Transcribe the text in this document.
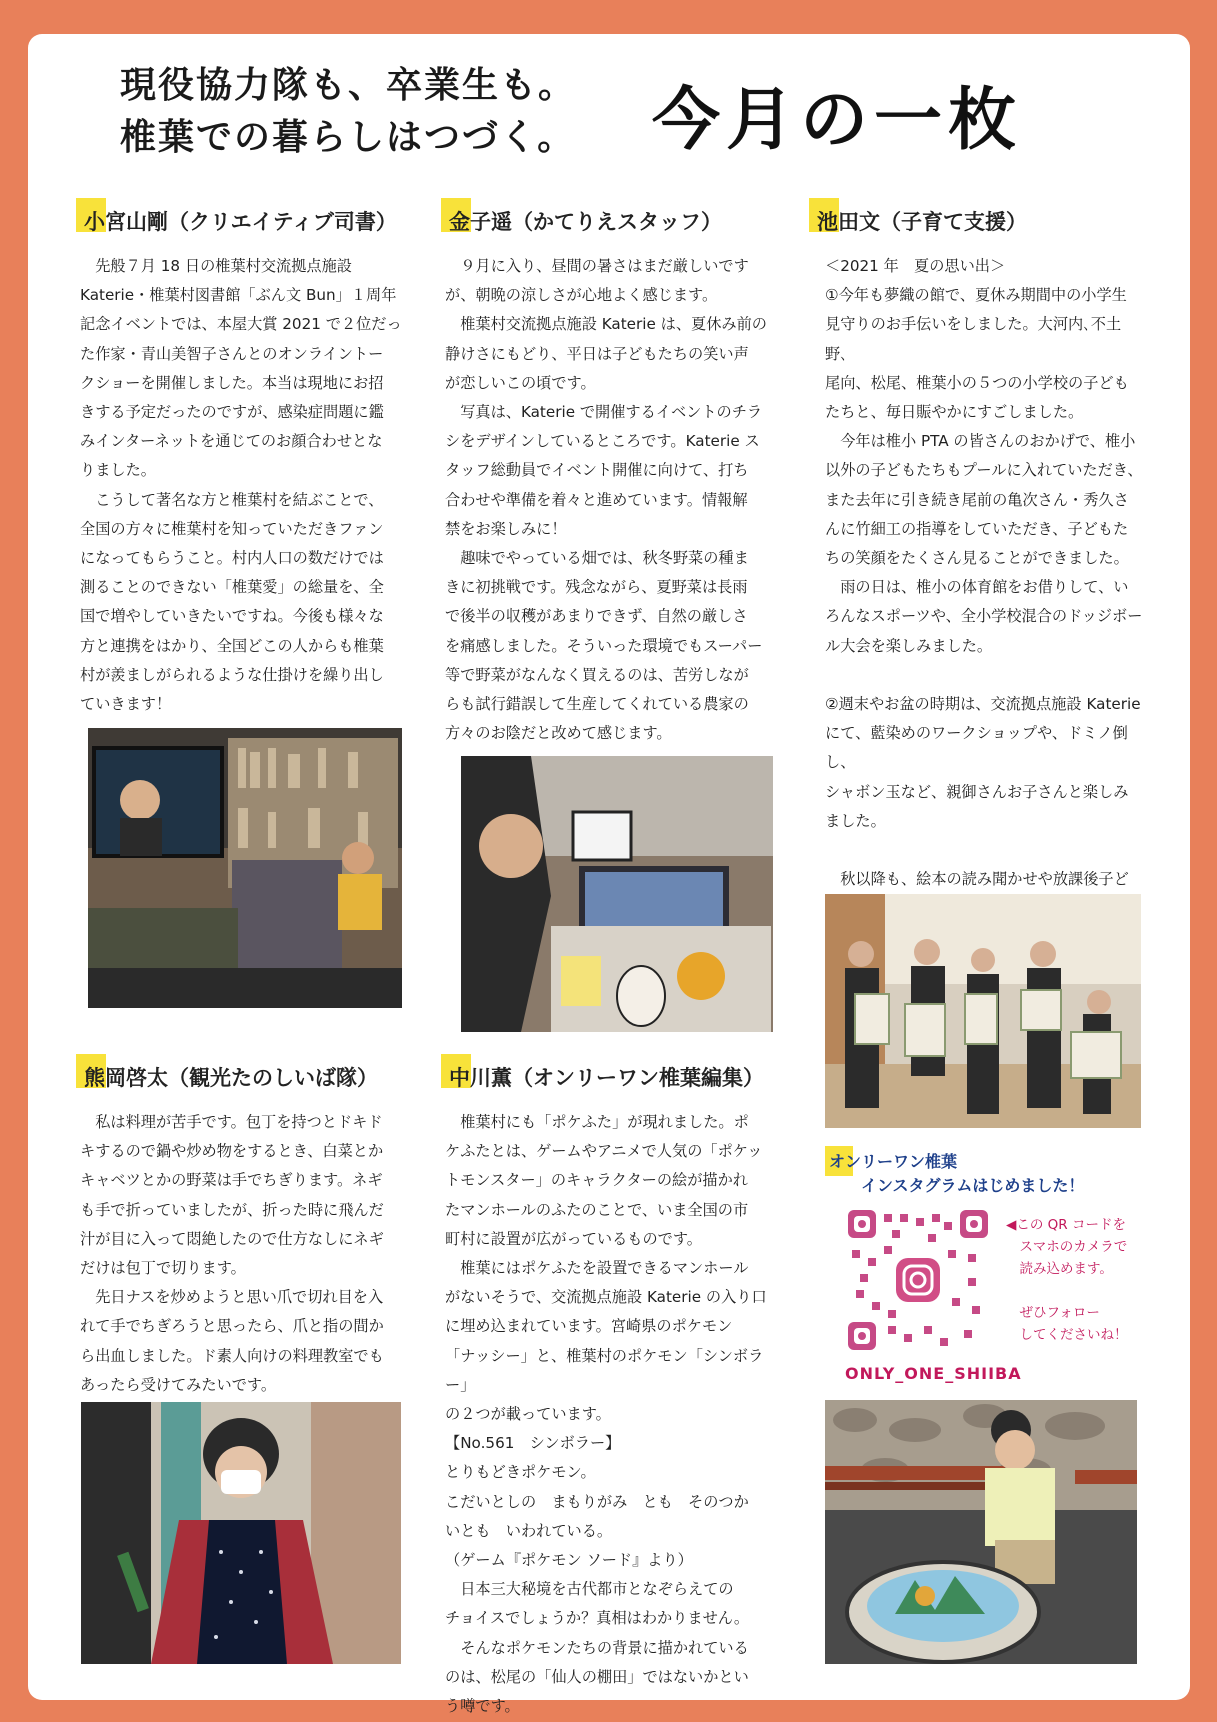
現役協力隊も、卒業生も。
椎葉での暮らしはつづく。 今月の一枚
小宮山剛（クリエイティブ司書）

　先般７月 18 日の椎葉村交流拠点施設
Katerie・椎葉村図書館「ぶん文 Bun」１周年
記念イベントでは、本屋大賞 2021 で２位だっ
た作家・青山美智子さんとのオンライントー
クショーを開催しました。本当は現地にお招
きする予定だったのですが、感染症問題に鑑
みインターネットを通じてのお顔合わせとな
りました。
　こうして著名な方と椎葉村を結ぶことで、
全国の方々に椎葉村を知っていただきファン
になってもらうこと。村内人口の数だけでは
測ることのできない「椎葉愛」の総量を、全
国で増やしていきたいですね。今後も様々な
方と連携をはかり、全国どこの人からも椎葉
村が羨ましがられるような仕掛けを繰り出し
ていきます！

金子遥（かてりえスタッフ）

　９月に入り、昼間の暑さはまだ厳しいです
が、朝晩の涼しさが心地よく感じます。
　椎葉村交流拠点施設 Katerie は、夏休み前の
静けさにもどり、平日は子どもたちの笑い声
が恋しいこの頃です。
　写真は、Katerie で開催するイベントのチラ
シをデザインしているところです。Katerie ス
タッフ総動員でイベント開催に向けて、打ち
合わせや準備を着々と進めています。情報解
禁をお楽しみに！
　趣味でやっている畑では、秋冬野菜の種ま
きに初挑戦です。残念ながら、夏野菜は長雨
で後半の収穫があまりできず、自然の厳しさ
を痛感しました。そういった環境でもスーパー
等で野菜がなんなく買えるのは、苦労しなが
らも試行錯誤して生産してくれている農家の
方々のお陰だと改めて感じます。

池田文（子育て支援）

＜2021 年　夏の思い出＞
①今年も夢織の館で、夏休み期間中の小学生
見守りのお手伝いをしました。大河内､不土野､
尾向、松尾、椎葉小の５つの小学校の子ども
たちと、毎日賑やかにすごしました。
　今年は椎小 PTA の皆さんのおかげで、椎小
以外の子どもたちもプールに入れていただき、
また去年に引き続き尾前の亀次さん・秀久さ
んに竹細工の指導をしていただき、子どもた
ちの笑顔をたくさん見ることができました。
　雨の日は、椎小の体育館をお借りして、い
ろんなスポーツや、全小学校混合のドッジボー
ル大会を楽しみました。

②週末やお盆の時期は、交流拠点施設 Katerie
にて、藍染めのワークショップや、ドミノ倒し、
シャボン玉など、親御さんお子さんと楽しみ
ました。

　秋以降も、絵本の読み聞かせや放課後子ど

オンリーワン椎葉
　　インスタグラムはじめました！
◀この QR コードを
　スマホのカメラで
　読み込めます。

　ぜひフォロー
　してくださいね！
ONLY_ONE_SHIIBA
熊岡啓太（観光たのしいば隊）

　私は料理が苦手です。包丁を持つとドキド
キするので鍋や炒め物をするとき、白菜とか
キャベツとかの野菜は手でちぎります。ネギ
も手で折っていましたが、折った時に飛んだ
汁が目に入って悶絶したので仕方なしにネギ
だけは包丁で切ります。
　先日ナスを炒めようと思い爪で切れ目を入
れて手でちぎろうと思ったら、爪と指の間か
ら出血しました。ド素人向けの料理教室でも
あったら受けてみたいです。

中川薫（オンリーワン椎葉編集）

　椎葉村にも「ポケふた」が現れました。ポ
ケふたとは、ゲームやアニメで人気の「ポケッ
トモンスター」のキャラクターの絵が描かれ
たマンホールのふたのことで、いま全国の市
町村に設置が広がっているものです。
　椎葉にはポケふたを設置できるマンホール
がないそうで、交流拠点施設 Katerie の入り口
に埋め込まれています。宮崎県のポケモン
「ナッシー」と、椎葉村のポケモン「シンボラー」
の２つが載っています。
【No.561　シンボラー】
とりもどきポケモン。
こだいとしの　まもりがみ　とも　そのつか
いとも　いわれている。
（ゲーム『ポケモン ソード』より）
　日本三大秘境を古代都市となぞらえての
チョイスでしょうか？真相はわかりません。
　そんなポケモンたちの背景に描かれている
のは、松尾の「仙人の棚田」ではないかとい
う噂です。
